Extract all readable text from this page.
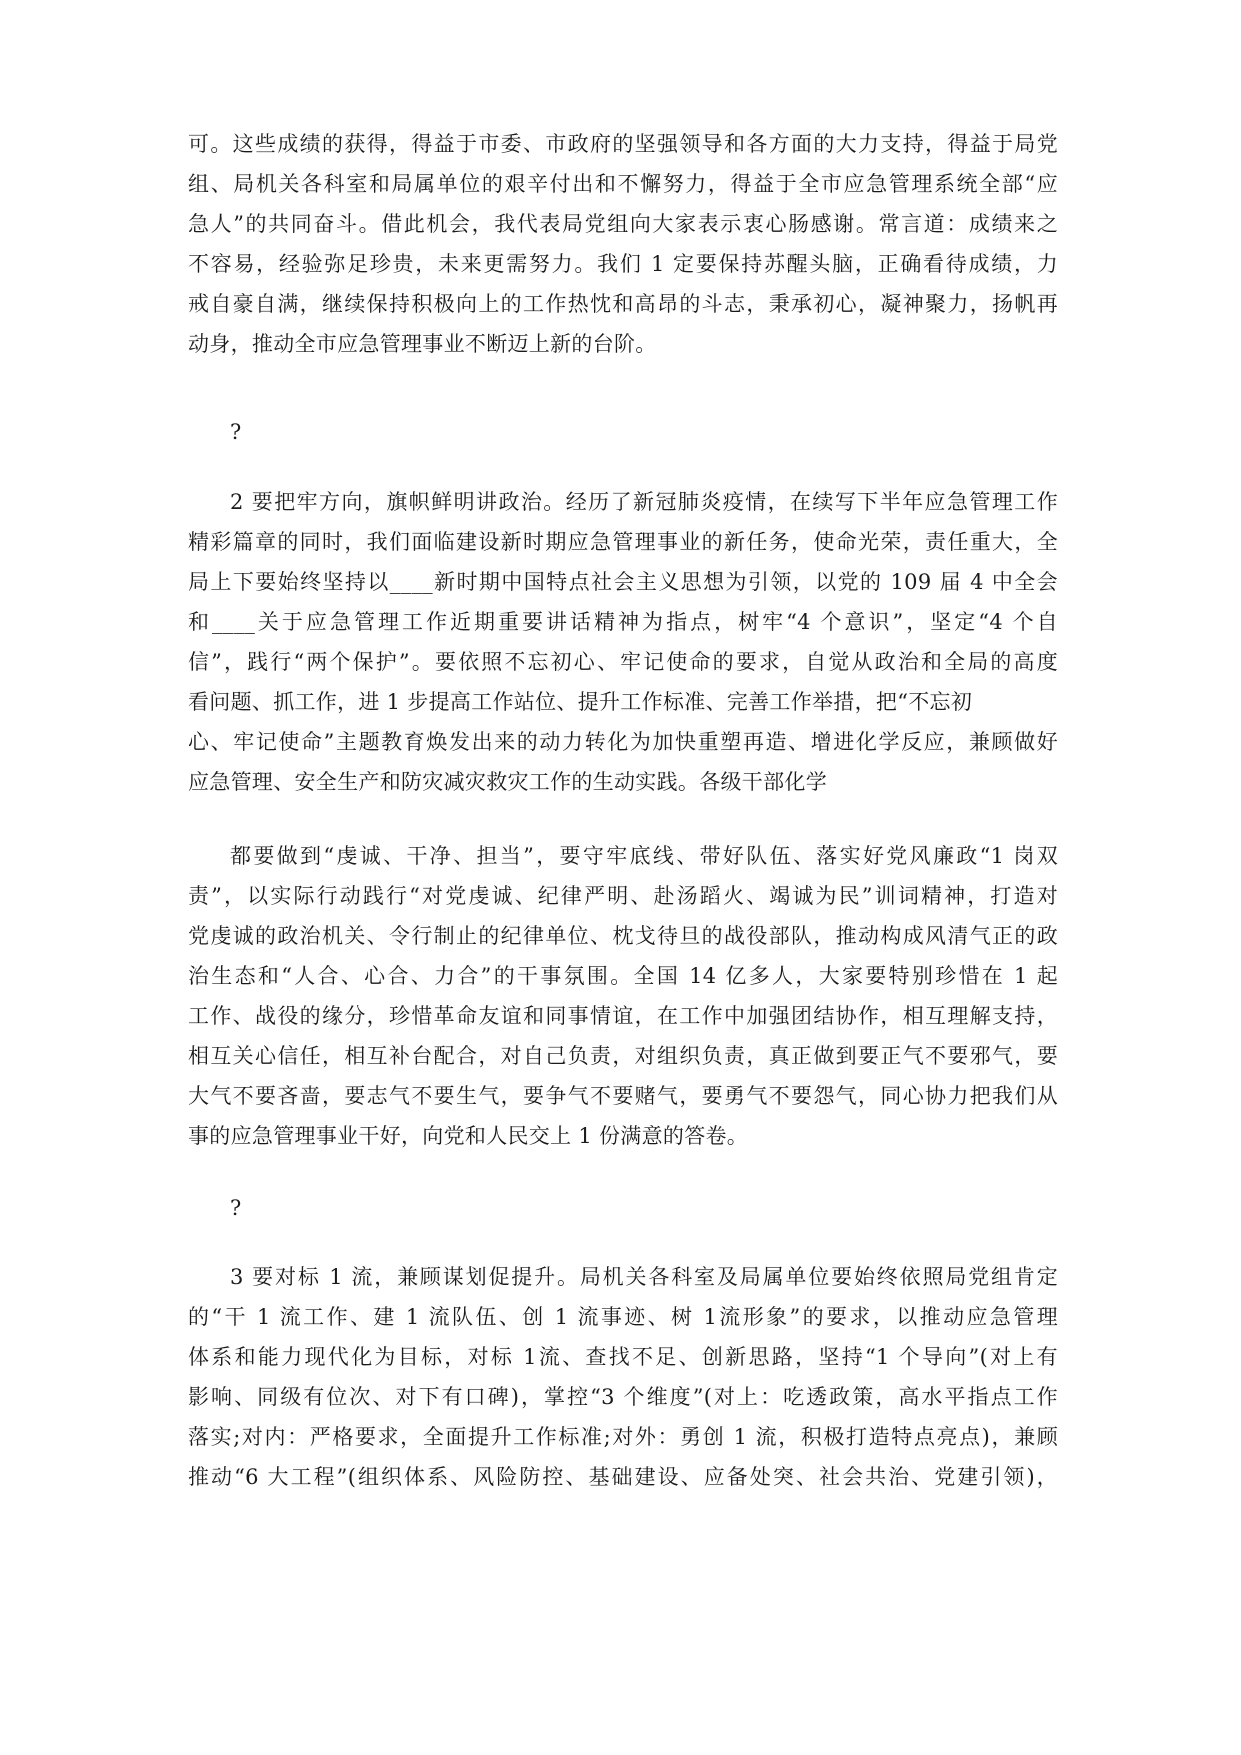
可。这些成绩的获得，得益于市委、市政府的坚强领导和各方面的大力支持，得益于局党
组、局机关各科室和局属单位的艰辛付出和不懈努力，得益于全市应急管理系统全部“应
急人”的共同奋斗。借此机会，我代表局党组向大家表示衷心肠感谢。常言道：成绩来之
不容易，经验弥足珍贵，未来更需努力。我们 1 定要保持苏醒头脑，正确看待成绩，力
戒自豪自满，继续保持积极向上的工作热忱和高昂的斗志，秉承初心，凝神聚力，扬帆再
动身，推动全市应急管理事业不断迈上新的台阶。
?
2 要把牢方向，旗帜鲜明讲政治。经历了新冠肺炎疫情，在续写下半年应急管理工作
精彩篇章的同时，我们面临建设新时期应急管理事业的新任务，使命光荣，责任重大，全
局上下要始终坚持以____新时期中国特点社会主义思想为引领，以党的 109 届 4 中全会
和____关于应急管理工作近期重要讲话精神为指点，树牢“4 个意识”，坚定“4 个自
信”，践行“两个保护”。要依照不忘初心、牢记使命的要求，自觉从政治和全局的高度
看问题、抓工作，进 1 步提高工作站位、提升工作标准、完善工作举措，把“不忘初
心、牢记使命”主题教育焕发出来的动力转化为加快重塑再造、增进化学反应，兼顾做好
应急管理、安全生产和防灾减灾救灾工作的生动实践。各级干部化学
都要做到“虔诚、干净、担当”，要守牢底线、带好队伍、落实好党风廉政“1 岗双
责”，以实际行动践行“对党虔诚、纪律严明、赴汤蹈火、竭诚为民”训词精神，打造对
党虔诚的政治机关、令行制止的纪律单位、枕戈待旦的战役部队，推动构成风清气正的政
治生态和“人合、心合、力合”的干事氛围。全国 14 亿多人，大家要特别珍惜在 1 起
工作、战役的缘分，珍惜革命友谊和同事情谊，在工作中加强团结协作，相互理解支持，
相互关心信任，相互补台配合，对自己负责，对组织负责，真正做到要正气不要邪气，要
大气不要吝啬，要志气不要生气，要争气不要赌气，要勇气不要怨气，同心协力把我们从
事的应急管理事业干好，向党和人民交上 1 份满意的答卷。
?
3 要对标 1 流，兼顾谋划促提升。局机关各科室及局属单位要始终依照局党组肯定
的“干 1 流工作、建 1 流队伍、创 1 流事迹、树 1流形象”的要求，以推动应急管理
体系和能力现代化为目标，对标 1流、查找不足、创新思路，坚持“1 个导向”(对上有
影响、同级有位次、对下有口碑)，掌控“3 个维度”(对上：吃透政策，高水平指点工作
落实;对内：严格要求，全面提升工作标准;对外：勇创 1 流，积极打造特点亮点)，兼顾
推动“6 大工程”(组织体系、风险防控、基础建设、应备处突、社会共治、党建引领)，
